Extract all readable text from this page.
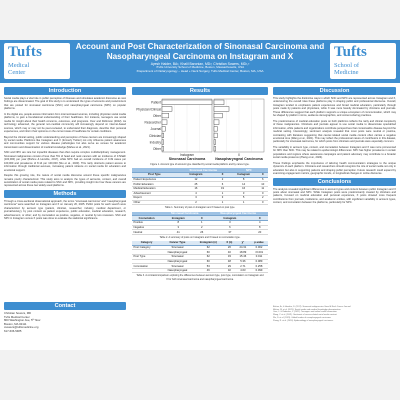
Tufts
Medical Center
Account and Post Characterization of Sinonasal Carcinoma and Nasopharyngeal Carcinoma on Instagram and X
Ayesh Haider, BA¹; Khalil Baronian, MD²; Christian Sowers, MD²,³
¹Tufts University School of Medicine, Boston, Massachusetts, USA
²Department of Otolaryngology – Head + Neck Surgery, Tufts Medical Center, Boston, MA, USA
Tufts
School of Medicine
Introduction

Social media plays a vital role in public perception of illnesses and stimulates academic discourse as new findings are disseminated. The goal of this study is to understand the types of accounts and posts/content that are posted for sinonasal carcinoma (SNC) and nasopharyngeal carcinoma (NPC) on popular platforms.

In the digital era, people access information from internet-based sources, including physician social media platforms, to gain a foundational understanding of their healthcare. For instance, teenagers use social media for insight about their health concerns, outcomes, and prognosis. Over and Robinson (2022). As technology advanced, the general non-medical community will increasingly depend on internet-based sources, which may or may not be peer-reviewed, to understand their diagnosis, describe their personal experiences, and inform their opinions on the current state of healthcare for certain conditions.

Beyond the clinical setting, public understanding and perception of these cancers are increasingly shaped by social media. Platforms like Instagram and X (formerly Twitter) not only influence patient awareness and communities support for various disease pathologies but also serve as venues for academic transmission and dissemination of medical knowledge (Maheu et al., 2021).

SNC and NPC are rare but impactful diseases that often require complex multidisciplinary management. Sinonasal malignancies consist of less than 5% of head and neck cancers with an incidence of 0.5/lakh (100,000) per year (Bishnu & Hendrie, 2017), while NPC had an overall incidence of 0.49 cases per 100,000 and prevalence of 8.14 per 100,000 (Wu et al., 2023). This rarity obstructs patient access to information through traditional avenues, increasing patient reliance on social media for education and emotional support.

Despite this growing role, the nature of social media discourse around these specific malignancies remains poorly characterized. This study aims to analyze the types of accounts, content, and overall sensitization of social media posts related to SNC and NPC, providing insight into how these cancers are represented across these two widely used platforms.

Methods

Through a cross-sectional observational approach, the terms "sinonasal carcinoma" and "nasopharyngeal carcinoma" were searched on Instagram and X on January 20, 2025. Public posts for each search were characterized by account type (patient, clinician, researcher, industry, medical department, or journal/society), by post content as patient experience, public education, medical education, research, advertisement, or other; and by connotation as positive, negative, or neutral by two reviewers. SNC and NPC in Instagram versus X posts was done to evaluate the statistical significance.

Contact
Christian Sowers, MD
Tufts Medical Center
800 Washington Ave, 5ᵗʰ floor
Boston, MA 02111
csowers@tuftsmedicine.org
617-636-5485
Results
Patient
Physician/Clinical
Other
Researcher
Journal
Clinician
Industry
Other
Instagram
Sinonasal Carcinoma
X
Nasopharyngeal Carcinoma
Figure 1. Account type of account type classified by social media platform and by cancer type.
	Sinonasal Carcinoma		NPC	
Post Type	Instagram	X	Instagram	X
Patient Experience	12	2	8	6
Public Education	25	6	14	10
Medical Education	16	19	16	11
Advertisement	4	1	3	0
Report	3	3	5	2
Other	2	1	1	0
Table 1. Summary of post on Instagram and X based on post type.
	Sinonasal Carcinoma		Nasopharyngeal Carcinoma	
Connotation	Instagram	X	Instagram	X
Positive	8	1	3	4
Negative	3	2	6	8
Neutral	41	26	37	20
Table 2. A summary of posts on Instagram and X based on connotation type.
Category	Cancer Type	Instagram (n)	X (n)	χ²	p-value
Post Category	Sinonasal	62	26	24.31	0.002
	Nasopharyngeal	60	40	18.89	<0.001
Post Type	Sinonasal	62	33	15.46	0.011
	Nasopharyngeal	60	48	5.36	0.089
Connotation	Sinonasal	53	29	2.71	0.258
	Nasopharyngeal	46	32	4.63	0.099
Table 3. A contrast/comparison exploring the differences between account type, post type, connotation on Instagram and X for both sinonasal carcinoma and nasopharyngeal carcinoma.
Discussion

This study highlights the distinctive ways in which SNC and NPC are represented across Instagram and X, underscoring the overall roles these platforms play in shaping public and professional discourse. Overall, Instagram tended to emphasize patient experiences and broad medical education, particularly through posts made by patients and physicians, while X was more heavily dominated by clinicians and journals. These differences suggest that each platform supports a unique ecosystem of communication, which may be shaped by platform norms, audience demographics, and content-sharing practices.

The predominance of medical education posts on both platforms reflects the rarity and clinical complexity of these malignancies. Clinicians and journals appear to use social media to disseminate specialized information, while patients and organizations contribute perspectives that contextualize disease beyond the medical setting. Interestingly, sentiment analysis revealed that most posts were neutral or positive, contrasting with literature suggesting that cancer-related social media content often carries a negative emotional tone (Wang et al., 2021). This may reflect the professional nature of contributors in this dataset, particularly for sinonasal carcinoma, for which posts from clinicians and journals were especially common.

The variability in account type, content, and connotation between Instagram and X was more pronounced for NPC than SNC. This may be related to epidemiologic differences: NPC has higher prevalence in certain populations and regions where awareness campaigns and patient advocacy may contribute to a broader social media presence (Zhang et al., 2024).

These findings emphasize the importance of tailoring health communication strategies to the unique dynamics of each platform. Clinicians and researchers should recognize the role of social media not only in education but also in supporting patients and shaping public perception. Future research could expand by examining engagement metrics, geographic trends, or longitudinal changes in online discourse.

Conclusions

The analysis revealed significant differences in account types and content between public Instagram and X posts about sinonasal and NPC. While Instagram posts were predominantly created by clinicians and patients, focused on medical education and personal experience, X posts showed more frequent contributions from journals, institutions, and academic entities, with significant variability in account types, content, and connotation between the platforms, particularly for NPC.

Bishnu, A., & Hendrie, S. (2017). Sinonasal malignancies. Head & Neck Cancer Journal.
Maheu, M. et al. (2021). Social media and medical knowledge dissemination.
Over, L. & Robinson, J. (2022). Teenagers and online health information.
Wang, Y. et al. (2021). Sentiment of cancer-related social media content.
Wu, S. et al. (2023). Global burden of nasopharyngeal carcinoma.
Zhang, R. et al. (2024). Epidemiology of nasopharyngeal carcinoma.
